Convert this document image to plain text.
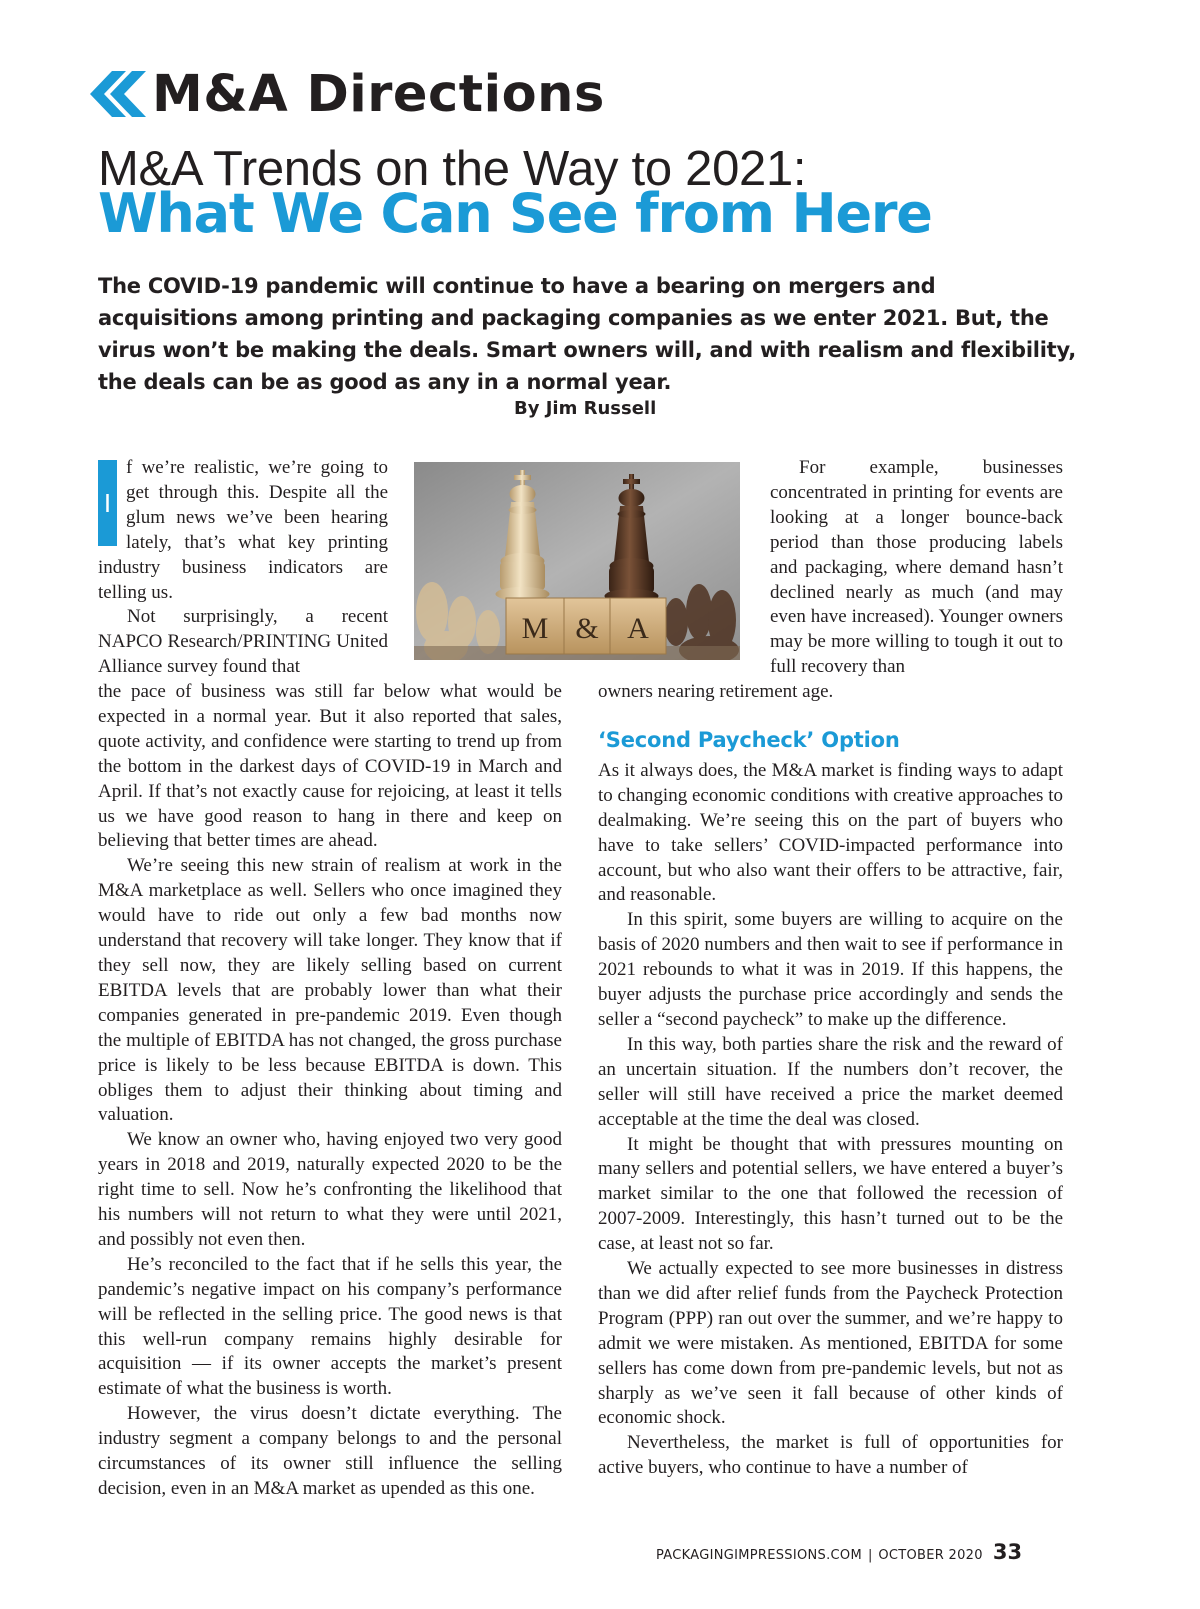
M&A Directions
M&A Trends on the Way to 2021:
What We Can See from Here
The COVID-19 pandemic will continue to have a bearing on mergers and acquisitions among printing and packaging companies as we enter 2021. But, the virus won’t be making the deals. Smart owners will, and with realism and flexibility, the deals can be as good as any in a normal year.
By Jim Russell

I
f we’re realistic, we’re going to get through this. Despite all the glum news we’ve been hearing lately, that’s what key printing industry business indicators are telling us.

Not surprisingly, a recent NAPCO Research/PRINTING United Alliance survey found that

M & A

the pace of business was still far below what would be expected in a normal year. But it also reported that sales, quote activity, and confidence were starting to trend up from the bottom in the darkest days of COVID-19 in March and April. If that’s not exactly cause for rejoicing, at least it tells us we have good reason to hang in there and keep on believing that better times are ahead.

We’re seeing this new strain of realism at work in the M&A marketplace as well. Sellers who once imagined they would have to ride out only a few bad months now understand that recovery will take longer. They know that if they sell now, they are likely selling based on current EBITDA levels that are probably lower than what their companies generated in pre-pandemic 2019. Even though the multiple of EBITDA has not changed, the gross purchase price is likely to be less because EBITDA is down. This obliges them to adjust their thinking about timing and valuation.

We know an owner who, having enjoyed two very good years in 2018 and 2019, naturally expected 2020 to be the right time to sell. Now he’s confronting the likelihood that his numbers will not return to what they were until 2021, and possibly not even then.

He’s reconciled to the fact that if he sells this year, the pandemic’s negative impact on his company’s performance will be reflected in the selling price. The good news is that this well-run company remains highly desirable for acquisition — if its owner accepts the market’s present estimate of what the business is worth.

However, the virus doesn’t dictate everything. The industry segment a company belongs to and the personal circumstances of its owner still influence the selling decision, even in an M&A market as upended as this one.

For example, businesses concentrated in printing for events are looking at a longer bounce-back period than those producing labels and packaging, where demand hasn’t declined nearly as much (and may even have increased). Younger owners may be more willing to tough it out to full recovery than

owners nearing retirement age.

‘Second Paycheck’ Option

As it always does, the M&A market is finding ways to adapt to changing economic conditions with creative approaches to dealmaking. We’re seeing this on the part of buyers who have to take sellers’ COVID-impacted performance into account, but who also want their offers to be attractive, fair, and reasonable.

In this spirit, some buyers are willing to acquire on the basis of 2020 numbers and then wait to see if performance in 2021 rebounds to what it was in 2019. If this happens, the buyer adjusts the purchase price accordingly and sends the seller a “second paycheck” to make up the difference.

In this way, both parties share the risk and the reward of an uncertain situation. If the numbers don’t recover, the seller will still have received a price the market deemed acceptable at the time the deal was closed.

It might be thought that with pressures mounting on many sellers and potential sellers, we have entered a buyer’s market similar to the one that followed the recession of 2007-2009. Interestingly, this hasn’t turned out to be the case, at least not so far.

We actually expected to see more businesses in distress than we did after relief funds from the Paycheck Protection Program (PPP) ran out over the summer, and we’re happy to admit we were mistaken. As mentioned, EBITDA for some sellers has come down from pre-pandemic levels, but not as sharply as we’ve seen it fall because of other kinds of economic shock.

Nevertheless, the market is full of opportunities for active buyers, who continue to have a number of

PACKAGINGIMPRESSIONS.COM | OCTOBER 2020 33
